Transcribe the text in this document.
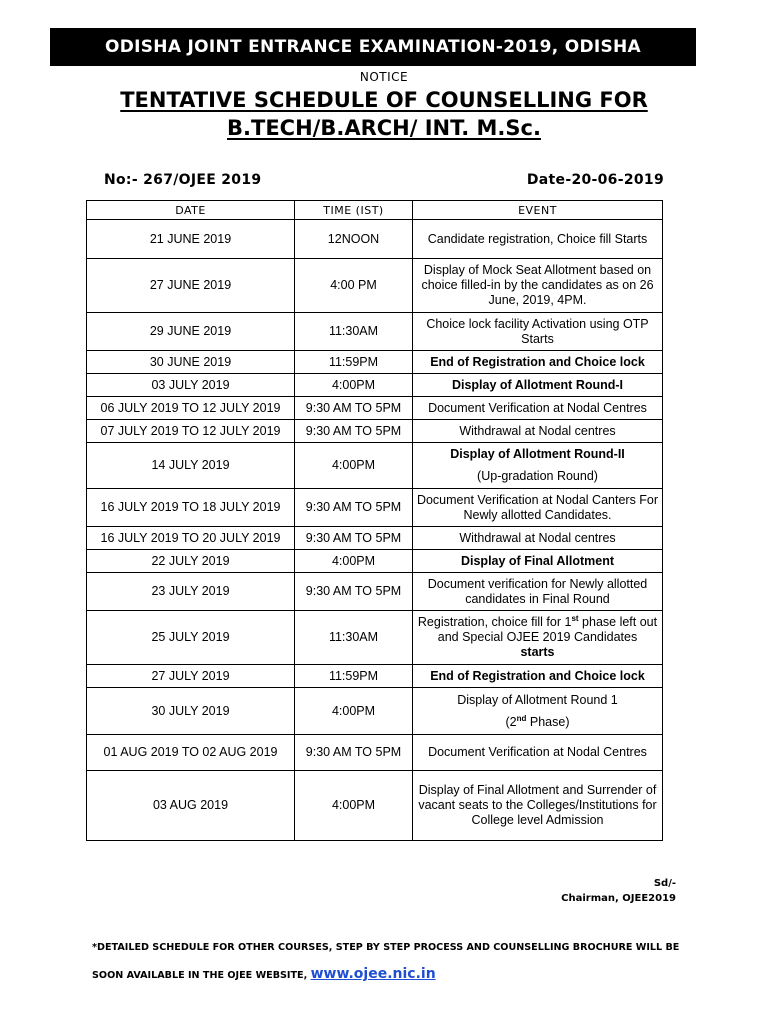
ODISHA JOINT ENTRANCE EXAMINATION-2019, ODISHA
NOTICE
TENTATIVE SCHEDULE OF COUNSELLING FOR
B.TECH/B.ARCH/ INT. M.Sc.
No:- 267/OJEE 2019	Date-20-06-2019
DATE	TIME (IST)	EVENT
21 JUNE 2019	12NOON	Candidate registration, Choice fill Starts
27 JUNE 2019	4:00 PM	Display of Mock Seat Allotment based on choice filled-in by the candidates as on 26 June, 2019, 4PM.
29 JUNE 2019	11:30AM	Choice lock facility Activation using OTP Starts
30 JUNE 2019	11:59PM	End of Registration and Choice lock
03 JULY 2019	4:00PM	Display of Allotment Round-I
06 JULY 2019 TO 12 JULY 2019	9:30 AM TO 5PM	Document Verification at Nodal Centres
07 JULY 2019 TO 12 JULY 2019	9:30 AM TO 5PM	Withdrawal at Nodal centres
14 JULY 2019	4:00PM	Display of Allotment Round-II
(Up-gradation Round)

16 JULY 2019 TO 18 JULY 2019	9:30 AM TO 5PM	Document Verification at Nodal Canters For Newly allotted Candidates.
16 JULY 2019 TO 20 JULY 2019	9:30 AM TO 5PM	Withdrawal at Nodal centres
22 JULY 2019	4:00PM	Display of Final Allotment
23 JULY 2019	9:30 AM TO 5PM	Document verification for Newly allotted candidates in Final Round
25 JULY 2019	11:30AM	Registration, choice fill for 1st phase left out and Special OJEE 2019 Candidates
starts

27 JULY 2019	11:59PM	End of Registration and Choice lock
30 JULY 2019	4:00PM	Display of Allotment Round 1
(2nd Phase)

01 AUG 2019 TO 02 AUG 2019	9:30 AM TO 5PM	Document Verification at Nodal Centres
03 AUG 2019	4:00PM	Display of Final Allotment and Surrender of vacant seats to the Colleges/Institutions for College level Admission
Sd/-
Chairman, OJEE2019
*DETAILED SCHEDULE FOR OTHER COURSES, STEP BY STEP PROCESS AND COUNSELLING BROCHURE WILL BE
SOON AVAILABLE IN THE OJEE WEBSITE, www.ojee.nic.in
